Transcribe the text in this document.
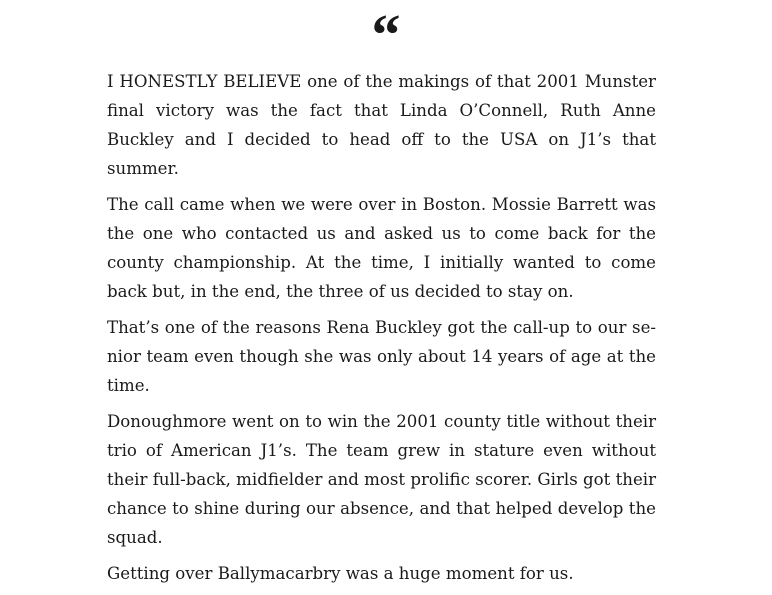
“

I HONESTLY BELIEVE one of the makings of that 2001 Munster final victory was the fact that Linda O’Connell, Ruth Anne Buckley and I decided to head off to the USA on J1’s that summer.

The call came when we were over in Boston. Mossie Barrett was the one who contacted us and asked us to come back for the county championship. At the time, I initially wanted to come back but, in the end, the three of us decided to stay on.

That’s one of the reasons Rena Buckley got the call-up to our senior team even though she was only about 14 years of age at the time.

Donoughmore went on to win the 2001 county title without their trio of American J1’s. The team grew in stature even without their full-back, midfielder and most prolific scorer. Girls got their chance to shine during our absence, and that helped develop the squad.

Getting over Ballymacarbry was a huge moment for us.
